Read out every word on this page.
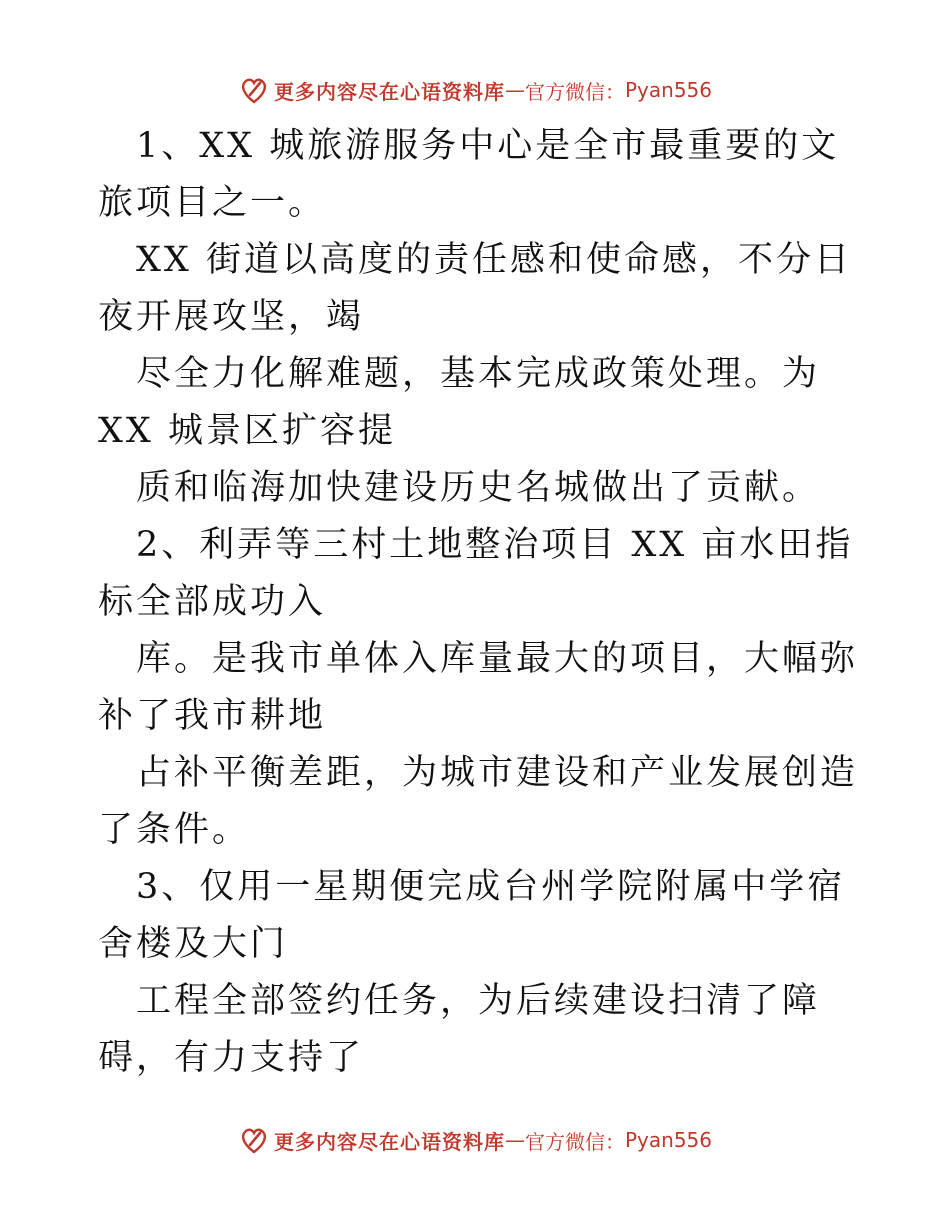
更多内容尽在心语资料库 — 官方微信： Pyan556

1、XX 城旅游服务中心是全市最重要的文旅项目之一。

XX 街道以高度的责任感和使命感，不分日夜开展攻坚，竭

尽全力化解难题，基本完成政策处理。为 XX 城景区扩容提

质和临海加快建设历史名城做出了贡献。

2、利弄等三村土地整治项目 XX 亩水田指标全部成功入

库。是我市单体入库量最大的项目，大幅弥补了我市耕地

占补平衡差距，为城市建设和产业发展创造了条件。

3、仅用一星期便完成台州学院附属中学宿舍楼及大门

工程全部签约任务，为后续建设扫清了障碍，有力支持了

更多内容尽在心语资料库 — 官方微信： Pyan556
